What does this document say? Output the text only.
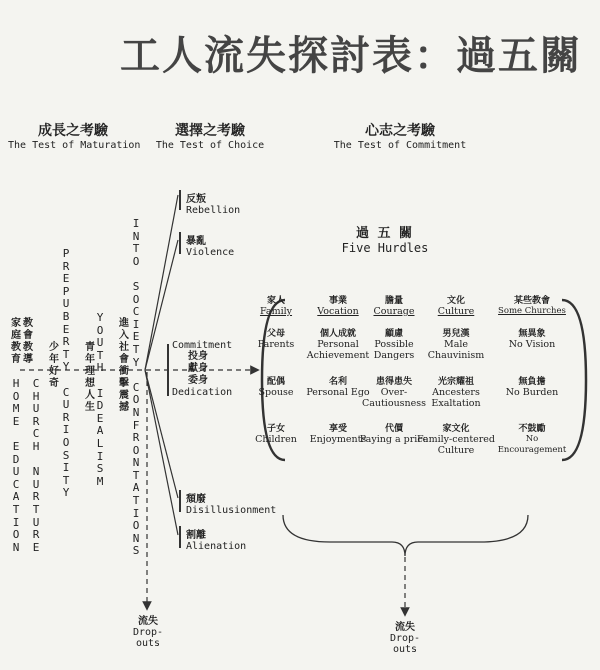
工人流失探討表：過五關
成長之考驗
The Test of Maturation
選擇之考驗
The Test of Choice
心志之考驗
The Test of Commitment
家
庭
教
育
教
會
教
導
H
O
M
E

E
D
U
C
A
T
I
O
N
C
H
U
R
C
H

N
U
R
T
U
R
E
少
年
好
奇
P
R
E
P
U
B
E
R
T
Y

C
U
R
I
O
S
I
T
Y
青
年
理
想
人
生
Y
O
U
T
H

I
D
E
A
L
I
S
M
進
入
社
會
衝
擊
震
撼
I
N
T
O

S
O
C
I
E
T
Y

C
O
N
F
R
O
N
T
A
T
I
O
N
S
反叛
Rebellion
暴亂
Violence
Commitment
投身
獻身
委身
Dedication
頹廢
Disillusionment
割離
Alienation
過 五 關
Five Hurdles
家人
Family
事業
Vocation
膽量
Courage
文化
Culture
某些教會
Some Churches
父母
Parents
個人成就
Personal Achievement
顧慮
Possible Dangers
男兒漢
Male Chauvinism
無異象
No Vision
配偶
Spouse
名利
Personal Ego
患得患失
Over-Cautiousness
光宗耀祖
Ancesters Exaltation
無負擔
No Burden
子女
Children
享受
Enjoyments
代價
Paying a price
家文化
Family-centered Culture
不鼓勵
No Encouragement
流失
Drop-outs
流失
Drop-outs
